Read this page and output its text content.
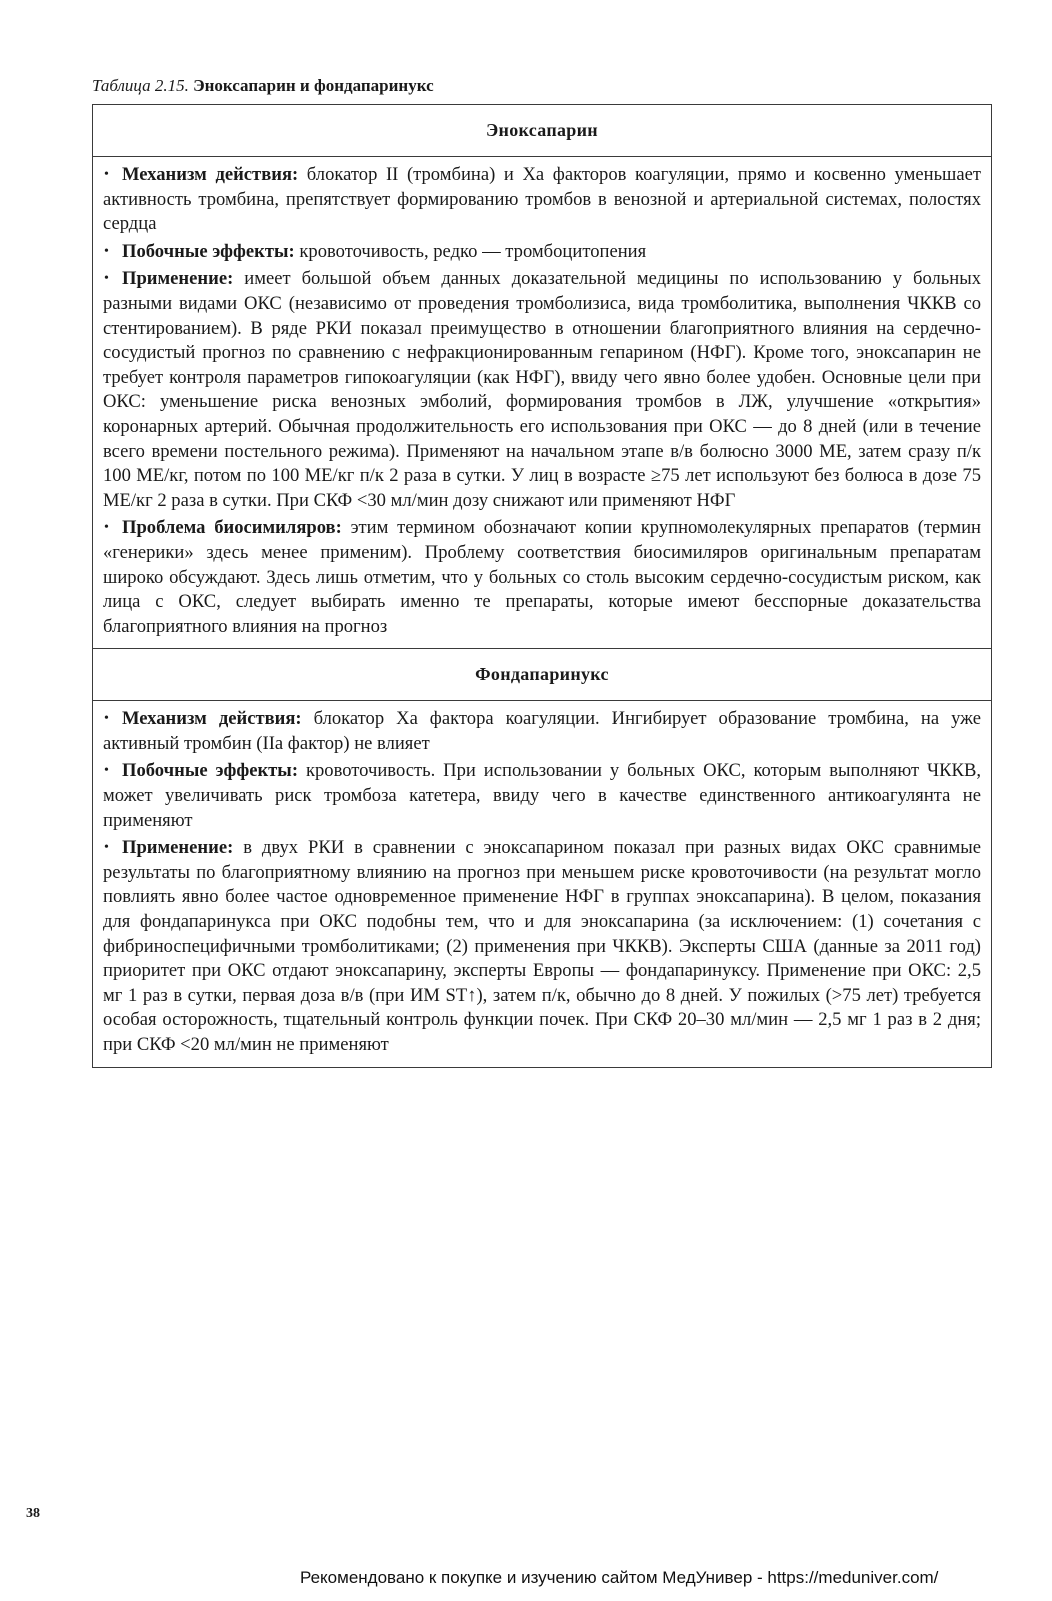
Таблица 2.15. Эноксапарин и фондапаринукс
Эноксапарин
• Механизм действия: блокатор II (тромбина) и Ха факторов коагуляции, прямо и косвенно уменьшает активность тромбина, препятствует формированию тромбов в венозной и артериальной системах, полостях сердца
• Побочные эффекты: кровоточивость, редко — тромбоцитопения
• Применение: имеет большой объем данных доказательной медицины по использованию у больных разными видами ОКС (независимо от проведения тромболизиса, вида тромболитика, выполнения ЧККВ со стентированием). В ряде РКИ показал преимущество в отношении благоприятного влияния на сердечно-сосудистый прогноз по сравнению с нефракционированным гепарином (НФГ). Кроме того, эноксапарин не требует контроля параметров гипокоагуляции (как НФГ), ввиду чего явно более удобен. Основные цели при ОКС: уменьшение риска венозных эмболий, формирования тромбов в ЛЖ, улучшение «открытия» коронарных артерий. Обычная продолжительность его использования при ОКС — до 8 дней (или в течение всего времени постельного режима). Применяют на начальном этапе в/в болюсно 3000 МЕ, затем сразу п/к 100 МЕ/кг, потом по 100 МЕ/кг п/к 2 раза в сутки. У лиц в возрасте ≥75 лет используют без болюса в дозе 75 МЕ/кг 2 раза в сутки. При СКФ <30 мл/мин дозу снижают или применяют НФГ
• Проблема биосимиляров: этим термином обозначают копии крупномолекулярных препаратов (термин «генерики» здесь менее применим). Проблему соответствия биосимиляров оригинальным препаратам широко обсуждают. Здесь лишь отметим, что у больных со столь высоким сердечно-сосудистым риском, как лица с ОКС, следует выбирать именно те препараты, которые имеют бесспорные доказательства благоприятного влияния на прогноз
Фондапаринукс
• Механизм действия: блокатор Ха фактора коагуляции. Ингибирует образование тромбина, на уже активный тромбин (IIa фактор) не влияет
• Побочные эффекты: кровоточивость. При использовании у больных ОКС, которым выполняют ЧККВ, может увеличивать риск тромбоза катетера, ввиду чего в качестве единственного антикоагулянта не применяют
• Применение: в двух РКИ в сравнении с эноксапарином показал при разных видах ОКС сравнимые результаты по благоприятному влиянию на прогноз при меньшем риске кровоточивости (на результат могло повлиять явно более частое одновременное применение НФГ в группах эноксапарина). В целом, показания для фондапаринукса при ОКС подобны тем, что и для эноксапарина (за исключением: (1) сочетания с фибриноспецифичными тромболитиками; (2) применения при ЧККВ). Эксперты США (данные за 2011 год) приоритет при ОКС отдают эноксапарину, эксперты Европы — фондапаринуксу. Применение при ОКС: 2,5 мг 1 раз в сутки, первая доза в/в (при ИМ ST↑), затем п/к, обычно до 8 дней. У пожилых (>75 лет) требуется особая осторожность, тщательный контроль функции почек. При СКФ 20–30 мл/мин — 2,5 мг 1 раз в 2 дня; при СКФ <20 мл/мин не применяют
38
Рекомендовано к покупке и изучению сайтом МедУнивер - https://meduniver.com/
